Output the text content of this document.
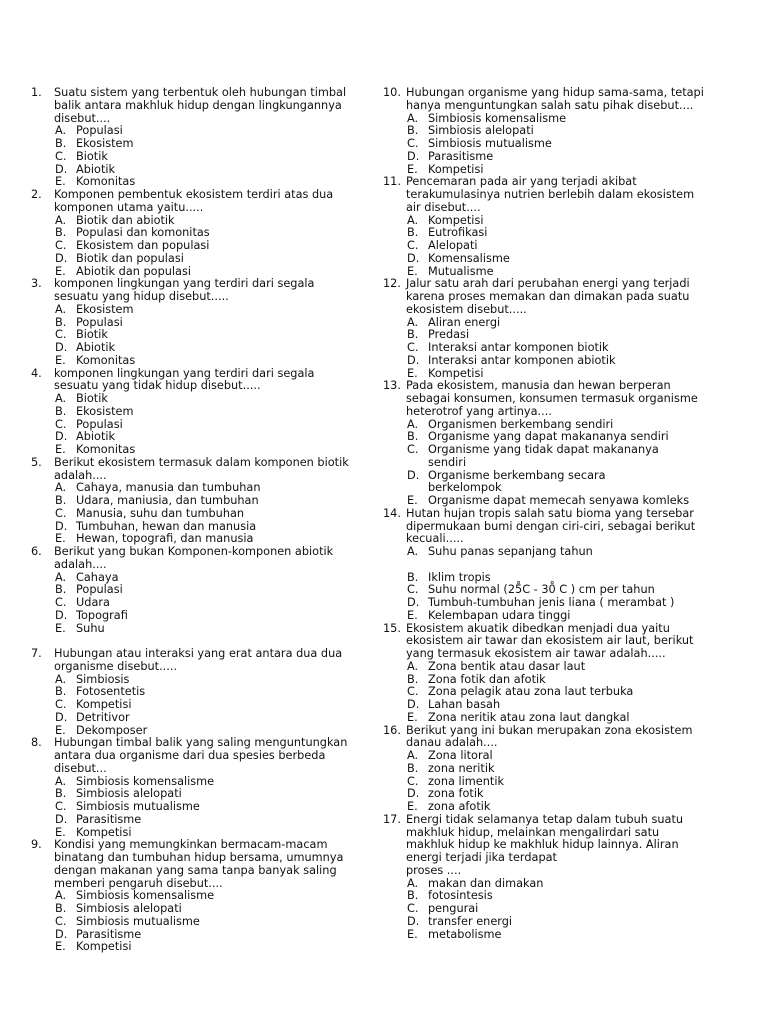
1. Suatu sistem yang terbentuk oleh hubungan timbal
balik antara makhluk hidup dengan lingkungannya
disebut....
A. Populasi
B. Ekosistem
C. Biotik
D. Abiotik
E. Komonitas
2. Komponen pembentuk ekosistem terdiri atas dua
komponen utama yaitu.....
A. Biotik dan abiotik
B. Populasi dan komonitas
C. Ekosistem dan populasi
D. Biotik dan populasi
E. Abiotik dan populasi
3. komponen lingkungan yang terdiri dari segala
sesuatu yang hidup disebut.....
A. Ekosistem
B. Populasi
C. Biotik
D. Abiotik
E. Komonitas
4. komponen lingkungan yang terdiri dari segala
sesuatu yang tidak hidup disebut.....
A. Biotik
B. Ekosistem
C. Populasi
D. Abiotik
E. Komonitas
5. Berikut ekosistem termasuk dalam komponen biotik
adalah....
A. Cahaya, manusia dan tumbuhan
B. Udara, maniusia, dan tumbuhan
C. Manusia, suhu dan tumbuhan
D. Tumbuhan, hewan dan manusia
E. Hewan, topografi, dan manusia
6. Berikut yang bukan Komponen-komponen abiotik
adalah....
A. Cahaya
B. Populasi
C. Udara
D. Topografi
E. Suhu
7. Hubungan atau interaksi yang erat antara dua dua
organisme disebut.....
A. Simbiosis
B. Fotosentetis
C. Kompetisi
D. Detritivor
E. Dekomposer
8. Hubungan timbal balik yang saling menguntungkan
antara dua organisme dari dua spesies berbeda
disebut...
A. Simbiosis komensalisme
B. Simbiosis alelopati
C. Simbiosis mutualisme
D. Parasitisme
E. Kompetisi
9. Kondisi yang memungkinkan bermacam-macam
binatang dan tumbuhan hidup bersama, umumnya
dengan makanan yang sama tanpa banyak saling
memberi pengaruh disebut....
A. Simbiosis komensalisme
B. Simbiosis alelopati
C. Simbiosis mutualisme
D. Parasitisme
E. Kompetisi
10. Hubungan organisme yang hidup sama-sama, tetapi
hanya menguntungkan salah satu pihak disebut....
A. Simbiosis komensalisme
B. Simbiosis alelopati
C. Simbiosis mutualisme
D. Parasitisme
E. Kompetisi
11. Pencemaran pada air yang terjadi akibat
terakumulasinya nutrien berlebih dalam ekosistem
air disebut....
A. Kompetisi
B. Eutrofikasi
C. Alelopati
D. Komensalisme
E. Mutualisme
12. Jalur satu arah dari perubahan energi yang terjadi
karena proses memakan dan dimakan pada suatu
ekosistem disebut.....
A. Aliran energi
B. Predasi
C. Interaksi antar komponen biotik
D. Interaksi antar komponen abiotik
E. Kompetisi
13. Pada ekosistem, manusia dan hewan berperan
sebagai konsumen, konsumen termasuk organisme
heterotrof yang artinya....
A. Organismen berkembang sendiri
B. Organisme yang dapat makananya sendiri
C. Organisme yang tidak dapat makananya sendiri
D. Organisme berkembang secara berkelompok
E. Organisme dapat memecah senyawa komleks
14. Hutan hujan tropis salah satu bioma yang tersebar
dipermukaan bumi dengan ciri-ciri, sebagai berikut
kecuali.....
A. Suhu panas sepanjang tahun
B. Iklim tropis
C. Suhu normal (25̊C - 30̊ C ) cm per tahun
D. Tumbuh-tumbuhan jenis liana ( merambat )
E. Kelembapan udara tinggi
15. Ekosistem akuatik dibedkan menjadi dua yaitu
ekosistem air tawar dan ekosistem air laut, berikut
yang termasuk ekosistem air tawar adalah.....
A. Zona bentik atau dasar laut
B. Zona fotik dan afotik
C. Zona pelagik atau zona laut terbuka
D. Lahan basah
E. Zona neritik atau zona laut dangkal
16. Berikut yang ini bukan merupakan zona ekosistem
danau adalah....
A. Zona litoral
B. zona neritik
C. zona limentik
D. zona fotik
E. zona afotik
17. Energi tidak selamanya tetap dalam tubuh suatu
makhluk hidup, melainkan mengalirdari satu
makhluk hidup ke makhluk hidup lainnya. Aliran
energi terjadi jika terdapat
proses ....
A. makan dan dimakan
B. fotosintesis
C. pengurai
D. transfer energi
E. metabolisme
